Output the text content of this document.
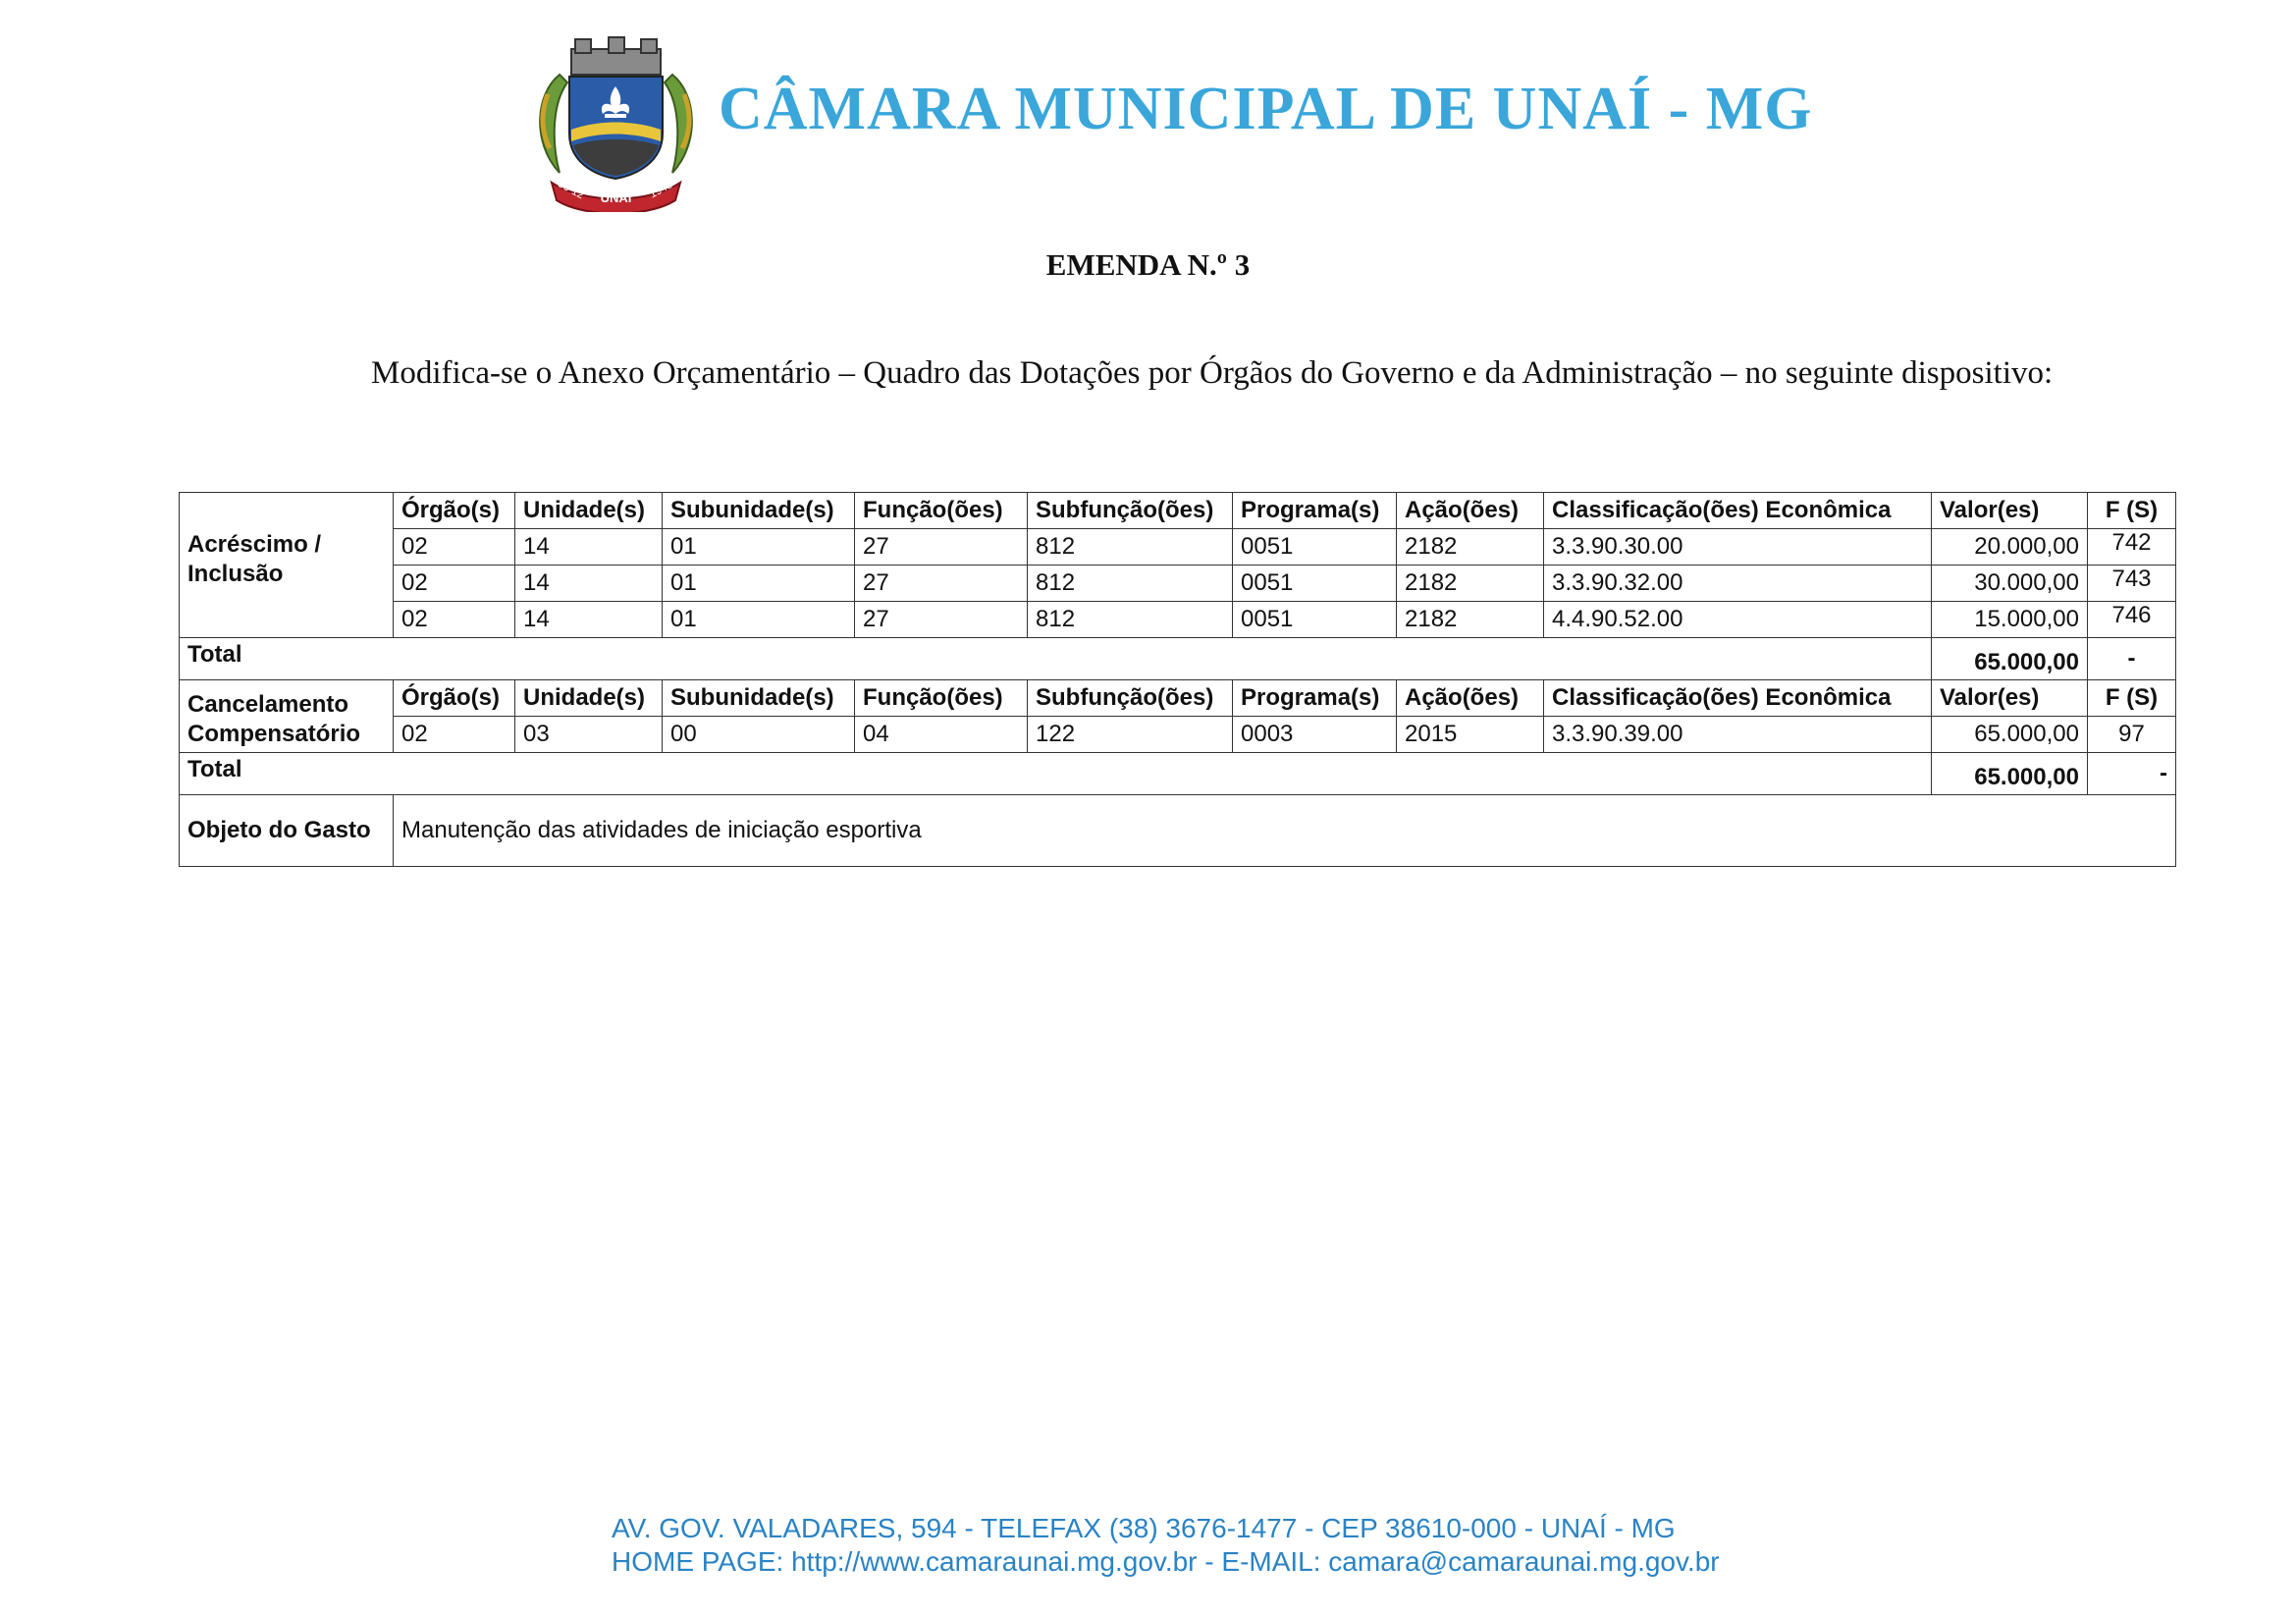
UNAÍ
30-12	1943
CÂMARA MUNICIPAL DE UNAÍ - MG
EMENDA N.º 3
Modifica-se o Anexo Orçamentário – Quadro das Dotações por Órgãos do Governo e da Administração – no seguinte dispositivo:
Acréscimo / Inclusão	Órgão(s)	Unidade(s)	Subunidade(s)	Função(ões)	Subfunção(ões)	Programa(s)	Ação(ões)	Classificação(ões) Econômica	Valor(es)	F (S)
	02	14	01	27	812	0051	2182	3.3.90.30.00	20.000,00	742
	02	14	01	27	812	0051	2182	3.3.90.32.00	30.000,00	743
	02	14	01	27	812	0051	2182	4.4.90.52.00	15.000,00	746
Total									65.000,00	-
Cancelamento Compensatório	Órgão(s)	Unidade(s)	Subunidade(s)	Função(ões)	Subfunção(ões)	Programa(s)	Ação(ões)	Classificação(ões) Econômica	Valor(es)	F (S)
	02	03	00	04	122	0003	2015	3.3.90.39.00	65.000,00	97
Total									65.000,00	-
Objeto do Gasto	Manutenção das atividades de iniciação esportiva									
AV. GOV. VALADARES, 594 - TELEFAX (38) 3676-1477 - CEP 38610-000 - UNAÍ - MG
HOME PAGE: http://www.camaraunai.mg.gov.br - E-MAIL: camara@camaraunai.mg.gov.br
